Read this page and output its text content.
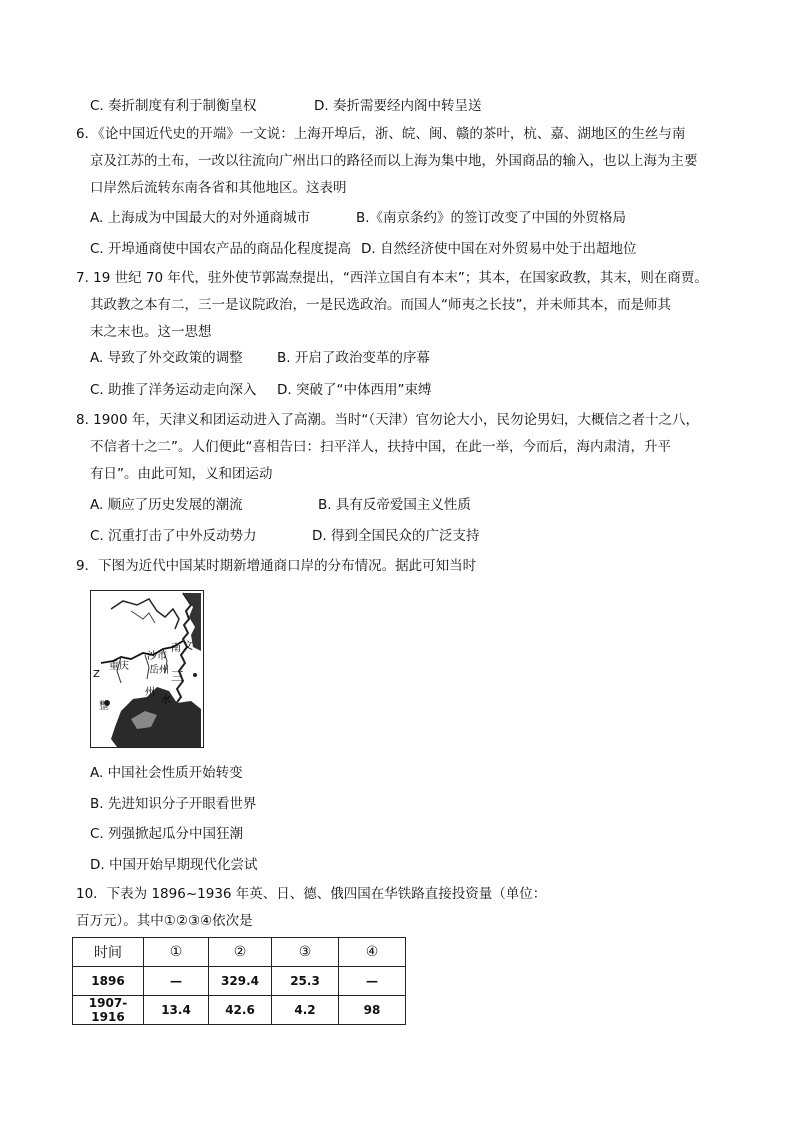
C. 奏折制度有利于制衡皇权	D. 奏折需要经内阁中转呈送
6．《论中国近代史的开端》一文说：上海开埠后，浙、皖、闽、赣的茶叶，杭、嘉、湖地区的生丝与南
京及江苏的土布，一改以往流向广州出口的路径而以上海为集中地，外国商品的输入，也以上海为主要
口岸然后流转东南各省和其他地区。这表明
A. 上海成为中国最大的对外通商城市	B.《南京条约》的签订改变了中国的外贸格局
C. 开埠通商使中国农产品的商品化程度提高 D. 自然经济使中国在对外贸易中处于出超地位
7. 19 世纪 70 年代，驻外使节郭嵩焘提出，“西洋立国自有本末”；其本，在国家政教，其末，则在商贾。
其政教之本有二，三一是议院政治，一是民选政治。而国人“师夷之长技”，并未师其本，而是师其
末之末也。这一思想
A. 导致了外交政策的调整	B. 开启了政治变革的序幕
C. 助推了洋务运动走向深入 D. 突破了“中体西用”束缚
8. 1900 年，天津义和团运动进入了高潮。当时“（天津）官勿论大小，民勿论男妇，大概信之者十之八，
不信者十之二”。人们便此“喜相告曰：扫平洋人，扶持中国，在此一举，今而后，海内肃清，升平
有日”。由此可知，义和团运动
A. 顺应了历史发展的潮流	B. 具有反帝爱国主义性质
C. 沉重打击了中外反动势力	D. 得到全国民众的广泛支持
9．下图为近代中国某时期新增通商口岸的分布情况。据此可知当时
南 文
沙市
岳州
重庆
三
州
水
整
Z
A. 中国社会性质开始转变
B. 先进知识分子开眼看世界
C. 列强掀起瓜分中国狂潮
D. 中国开始早期现代化尝试
10．下表为 1896~1936 年英、日、德、俄四国在华铁路直接投资量（单位：
百万元）。其中①②③④依次是
时间	①	②	③	④
1896	—	329.4	25.3	—
1907-1916	13.4	42.6	4.2	98
